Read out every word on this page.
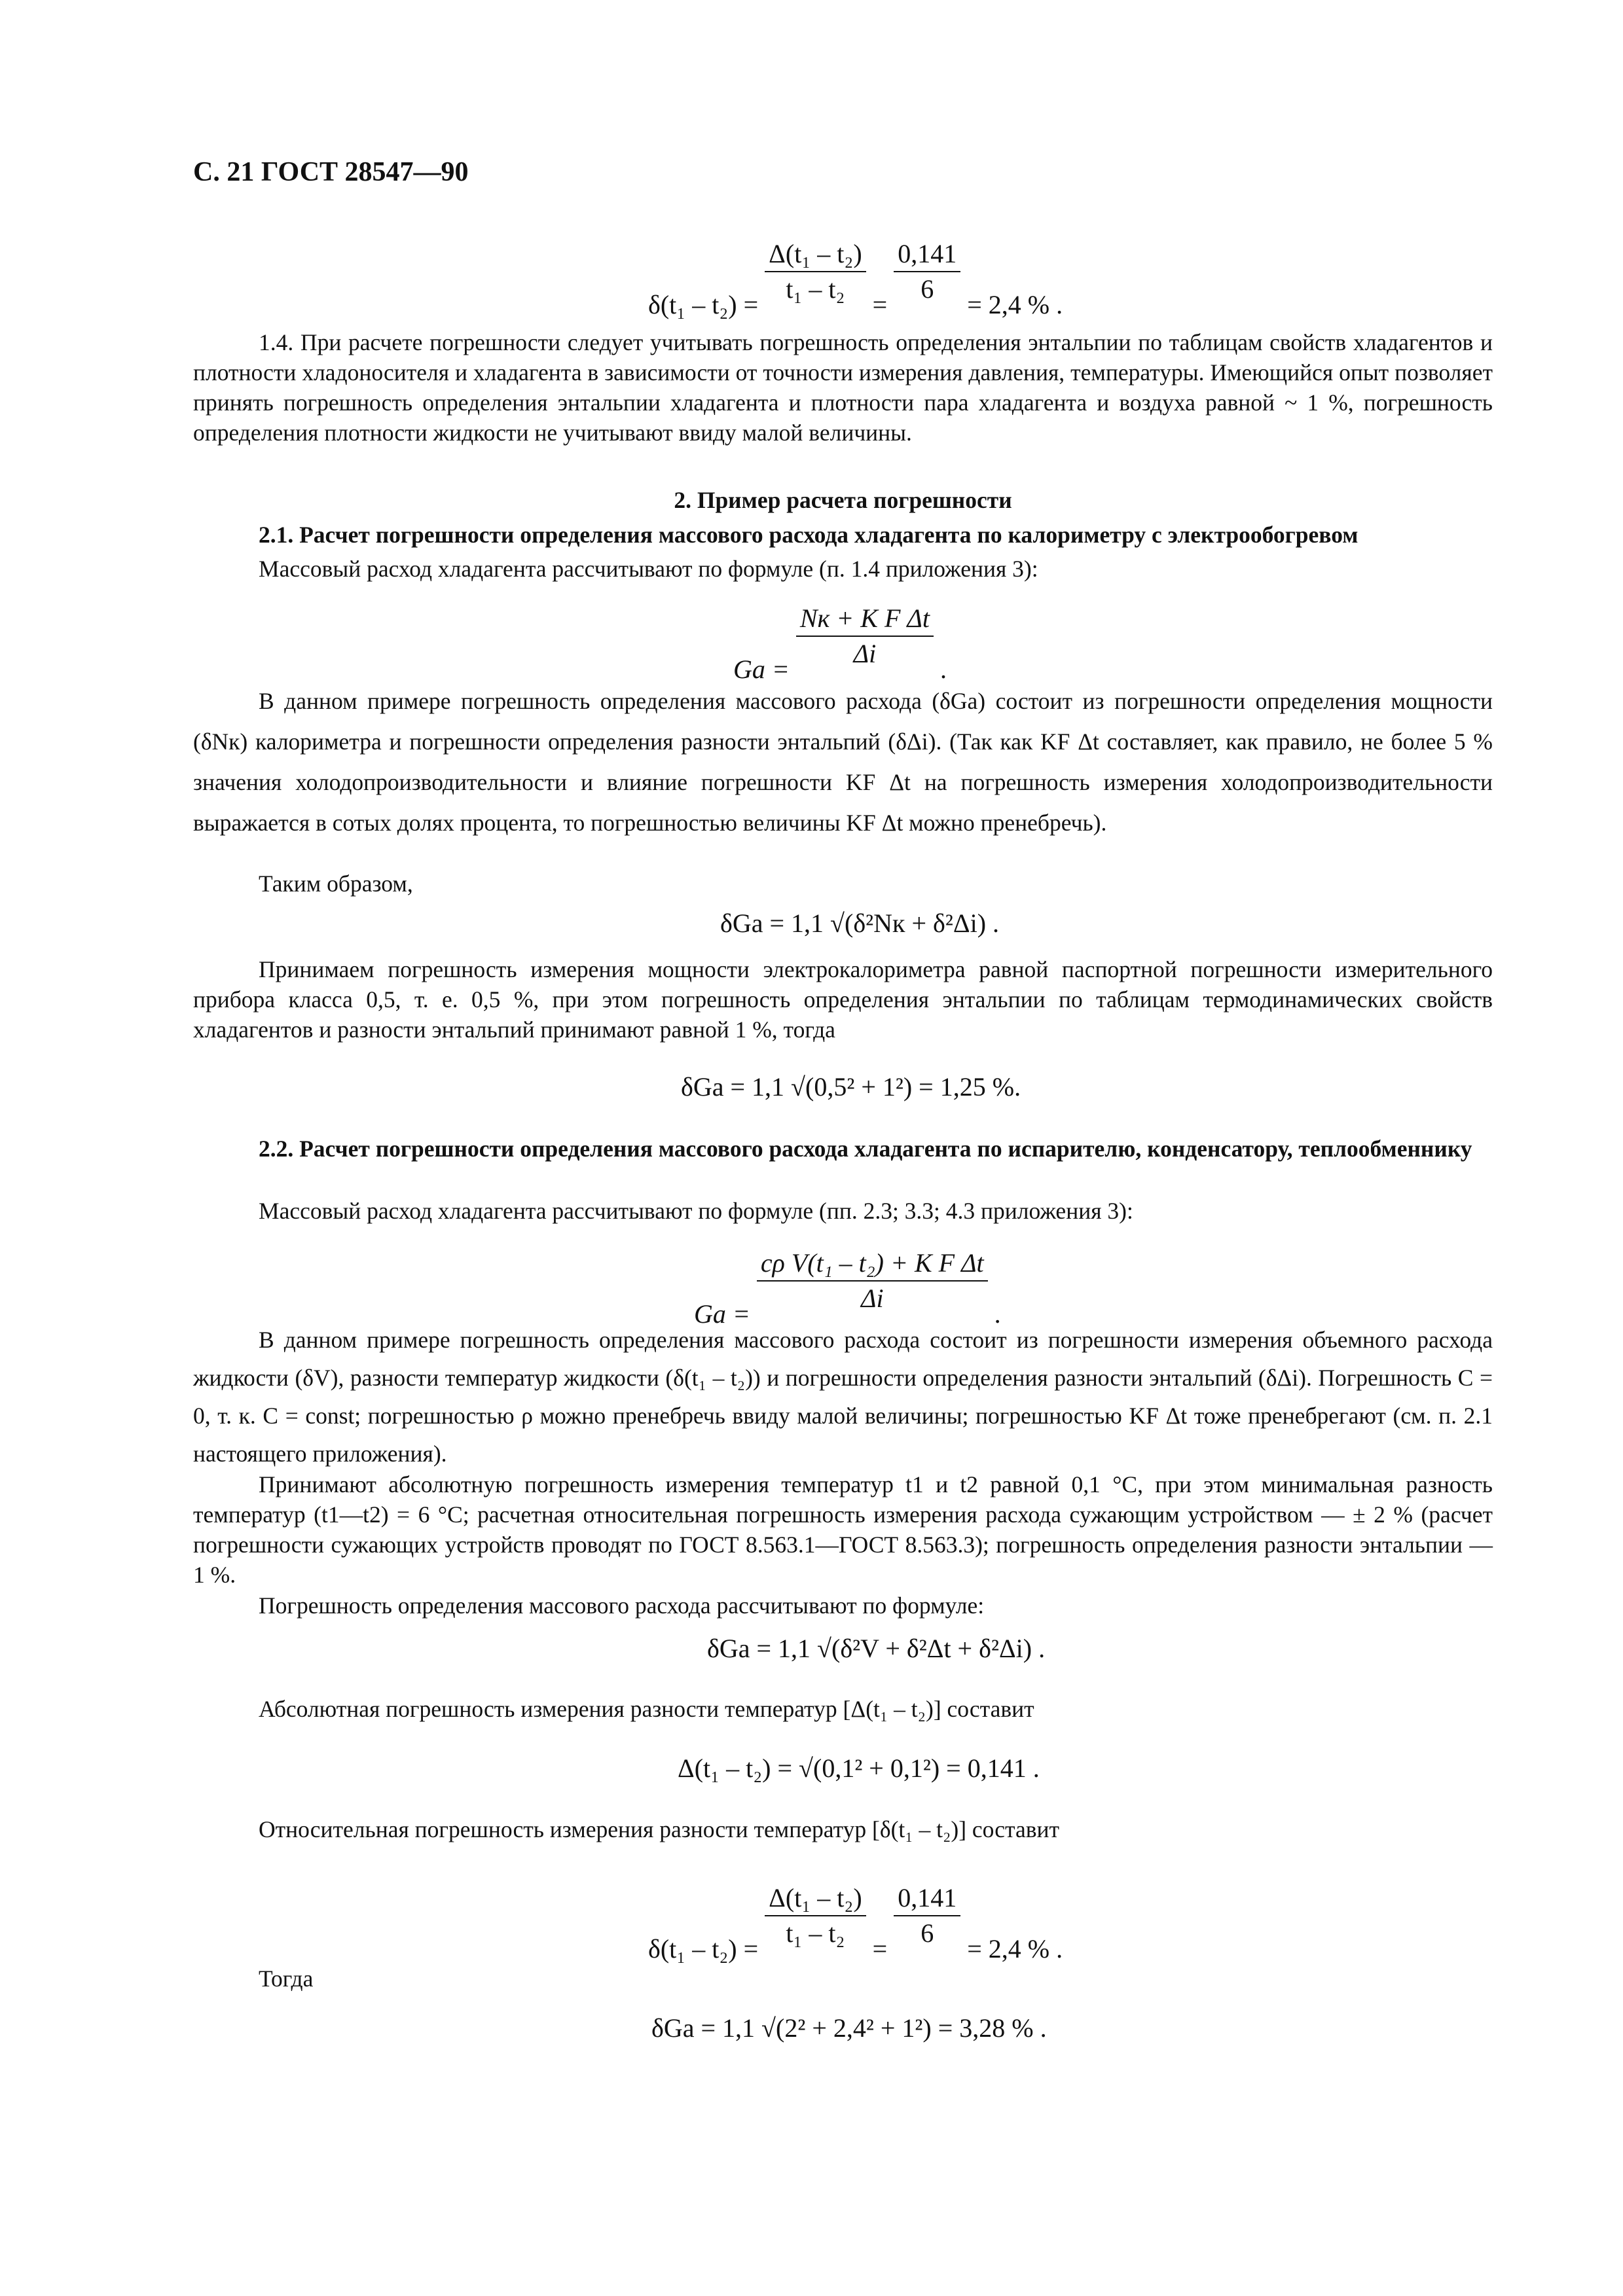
С. 21 ГОСТ 28547—90
$\delta(t_1 - t_2) = \frac{\text{Δ(t₁ – t₂)}}{\text{t₁ – t₂}} = \frac{0,141}{6} = 2,4$ % .

1.4. При расчете погрешности следует учитывать погрешность определения энтальпии по таблицам свойств хладагентов и плотности хладоносителя и хладагента в зависимости от точности измерения давления, температуры. Имеющийся опыт позволяет принять погрешность определения энтальпии хладагента и плотности пара хладагента и воздуха равной ~ 1 %, погрешность определения плотности жидкости не учитывают ввиду малой величины.

2. Пример расчета погрешности

2.1. Расчет погрешности определения массового расхода хладагента по калориметру с электрообогревом

Массовый расход хладагента рассчитывают по формуле (п. 1.4 приложения 3):

Gа = $\frac{\text{Nк + K F Δt}}{\Delta i}$ .

В данном примере погрешность определения массового расхода (δGа) состоит из погрешности определения мощности (δNк) калориметра и погрешности определения разности энтальпий (δΔi). (Так как KF Δt составляет, как правило, не более 5 % значения холодопроизводительности и влияние погрешности KF Δt на погрешность измерения холодопроизводительности выражается в сотых долях процента, то погрешностью величины KF Δt можно пренебречь).

Таким образом,

δGа = 1,1 √(δ²Nк + δ²Δi) .

Принимаем погрешность измерения мощности электрокалориметра равной паспортной погрешности измерительного прибора класса 0,5, т. е. 0,5 %, при этом погрешность определения энтальпии по таблицам термодинамических свойств хладагентов и разности энтальпий принимают равной 1 %, тогда

δGа = 1,1 √(0,5² + 1²) = 1,25 %.

2.2. Расчет погрешности определения массового расхода хладагента по испарителю, конденсатору, теплообменнику

Массовый расход хладагента рассчитывают по формуле (пп. 2.3; 3.3; 4.3 приложения 3):

Gа = $\frac{\text{cρ V(t₁ – t₂) + K F Δt}}{\Delta i}$ .

В данном примере погрешность определения массового расхода состоит из погрешности измерения объемного расхода жидкости (δV), разности температур жидкости (δ(t₁ – t₂)) и погрешности определения разности энтальпий (δΔi). Погрешность C = 0, т. к. C = const; погрешностью ρ можно пренебречь ввиду малой величины; погрешностью KF Δt тоже пренебрегают (см. п. 2.1 настоящего приложения).

Принимают абсолютную погрешность измерения температур t1 и t2 равной 0,1 °С, при этом минимальная разность температур (t1—t2) = 6 °С; расчетная относительная погрешность измерения расхода сужающим устройством — ± 2 % (расчет погрешности сужающих устройств проводят по ГОСТ 8.563.1—ГОСТ 8.563.3); погрешность определения разности энтальпии — 1 %.

Погрешность определения массового расхода рассчитывают по формуле:

δGа = 1,1 √(δ²V + δ²Δt + δ²Δi) .

Абсолютная погрешность измерения разности температур [Δ(t₁ – t₂)] составит

Δ(t₁ – t₂) = √(0,1² + 0,1²) = 0,141 .

Относительная погрешность измерения разности температур [δ(t₁ – t₂)] составит

$\delta(t_1 - t_2) = \frac{\text{Δ(t₁ – t₂)}}{\text{t₁ – t₂}} = \frac{0,141}{6} = 2,4$ % .

Тогда

δGа = 1,1 √(2² + 2,4² + 1²) = 3,28 % .
